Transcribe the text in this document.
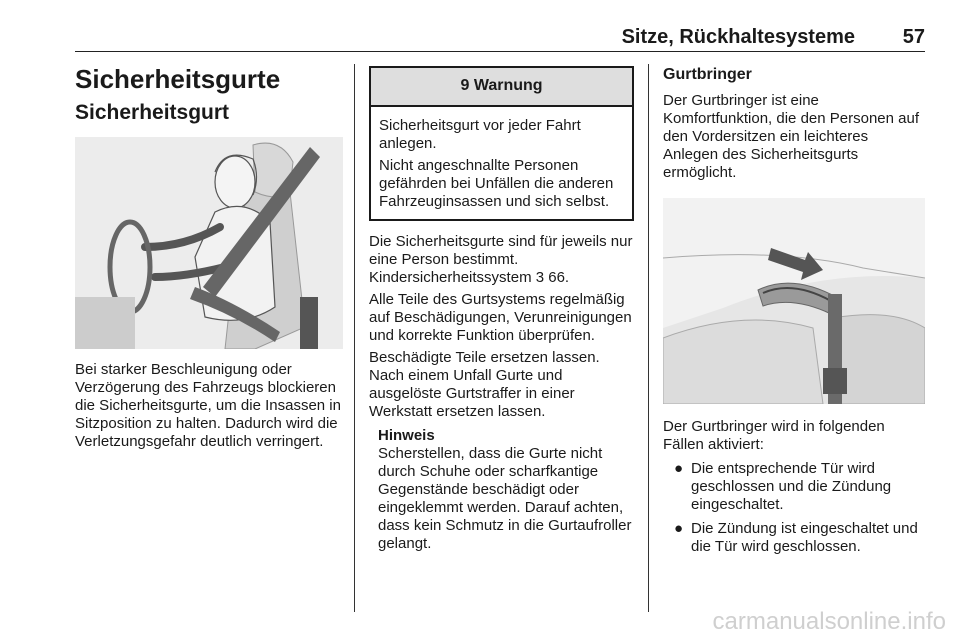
Sitze, Rückhaltesysteme 57
Sicherheitsgurte
Sicherheitsgurt

Bei starker Beschleunigung oder Verzögerung des Fahrzeugs blockieren die Sicherheitsgurte, um die Insassen in Sitzposition zu halten. Dadurch wird die Verletzungsgefahr deutlich verringert.

9 Warnung

Sicherheitsgurt vor jeder Fahrt anlegen.

Nicht angeschnallte Personen gefährden bei Unfällen die anderen Fahrzeuginsassen und sich selbst.

Die Sicherheitsgurte sind für jeweils nur eine Person bestimmt. Kindersicherheitssystem 3 66.

Alle Teile des Gurtsystems regelmäßig auf Beschädigungen, Verunreinigungen und korrekte Funktion überprüfen.

Beschädigte Teile ersetzen lassen. Nach einem Unfall Gurte und ausgelöste Gurtstraffer in einer Werkstatt ersetzen lassen.

Hinweis

Scherstellen, dass die Gurte nicht durch Schuhe oder scharfkantige Gegenstände beschädigt oder eingeklemmt werden. Darauf achten, dass kein Schmutz in die Gurtaufroller gelangt.

Gurtbringer

Der Gurtbringer ist eine Komfortfunktion, die den Personen auf den Vordersitzen ein leichteres Anlegen des Sicherheitsgurts ermöglicht.

Der Gurtbringer wird in folgenden Fällen aktiviert:

● Die entsprechende Tür wird geschlossen und die Zündung eingeschaltet.
● Die Zündung ist eingeschaltet und die Tür wird geschlossen.
carmanualsonline.info
